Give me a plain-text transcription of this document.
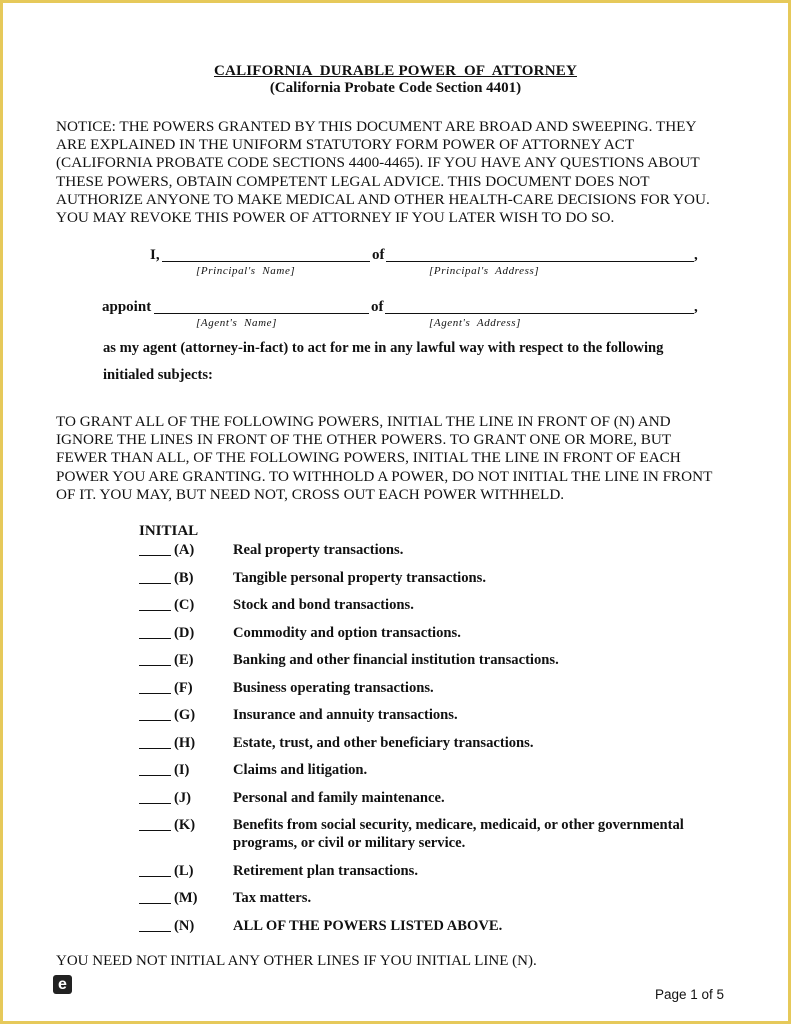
CALIFORNIA  DURABLE POWER  OF  ATTORNEY
(California Probate Code Section 4401)
NOTICE: THE POWERS GRANTED BY THIS DOCUMENT ARE BROAD AND SWEEPING. THEY
ARE EXPLAINED IN THE UNIFORM STATUTORY FORM POWER OF ATTORNEY ACT
(CALIFORNIA PROBATE CODE SECTIONS 4400-4465). IF YOU HAVE ANY QUESTIONS ABOUT
THESE POWERS, OBTAIN COMPETENT LEGAL ADVICE. THIS DOCUMENT DOES NOT
AUTHORIZE ANYONE TO MAKE MEDICAL AND OTHER HEALTH-CARE DECISIONS FOR YOU.
YOU MAY REVOKE THIS POWER OF ATTORNEY IF YOU LATER WISH TO DO SO.
I,	of	,
[Principal's  Name]	[Principal's  Address]
appoint	of	,
[Agent's  Name]	[Agent's  Address]
as my agent (attorney-in-fact) to act for me in any lawful way with respect to the following
initialed subjects:
TO GRANT ALL OF THE FOLLOWING POWERS, INITIAL THE LINE IN FRONT OF (N) AND
IGNORE THE LINES IN FRONT OF THE OTHER POWERS. TO GRANT ONE OR MORE, BUT
FEWER THAN ALL, OF THE FOLLOWING POWERS, INITIAL THE LINE IN FRONT OF EACH
POWER YOU ARE GRANTING. TO WITHHOLD A POWER, DO NOT INITIAL THE LINE IN FRONT
OF IT. YOU MAY, BUT NEED NOT, CROSS OUT EACH POWER WITHHELD.
INITIAL
(A)	Real property transactions.
(B)	Tangible personal property transactions.
(C)	Stock and bond transactions.
(D)	Commodity and option transactions.
(E)	Banking and other financial institution transactions.
(F)	Business operating transactions.
(G)	Insurance and annuity transactions.
(H)	Estate, trust, and other beneficiary transactions.
(I)	Claims and litigation.
(J)	Personal and family maintenance.
(K)	Benefits from social security, medicare, medicaid, or other governmental
programs, or civil or military service.
(L)	Retirement plan transactions.
(M) Tax matters.
(N)	ALL OF THE POWERS LISTED ABOVE.
YOU NEED NOT INITIAL ANY OTHER LINES IF YOU INITIAL LINE (N).
e
Page 1 of 5
